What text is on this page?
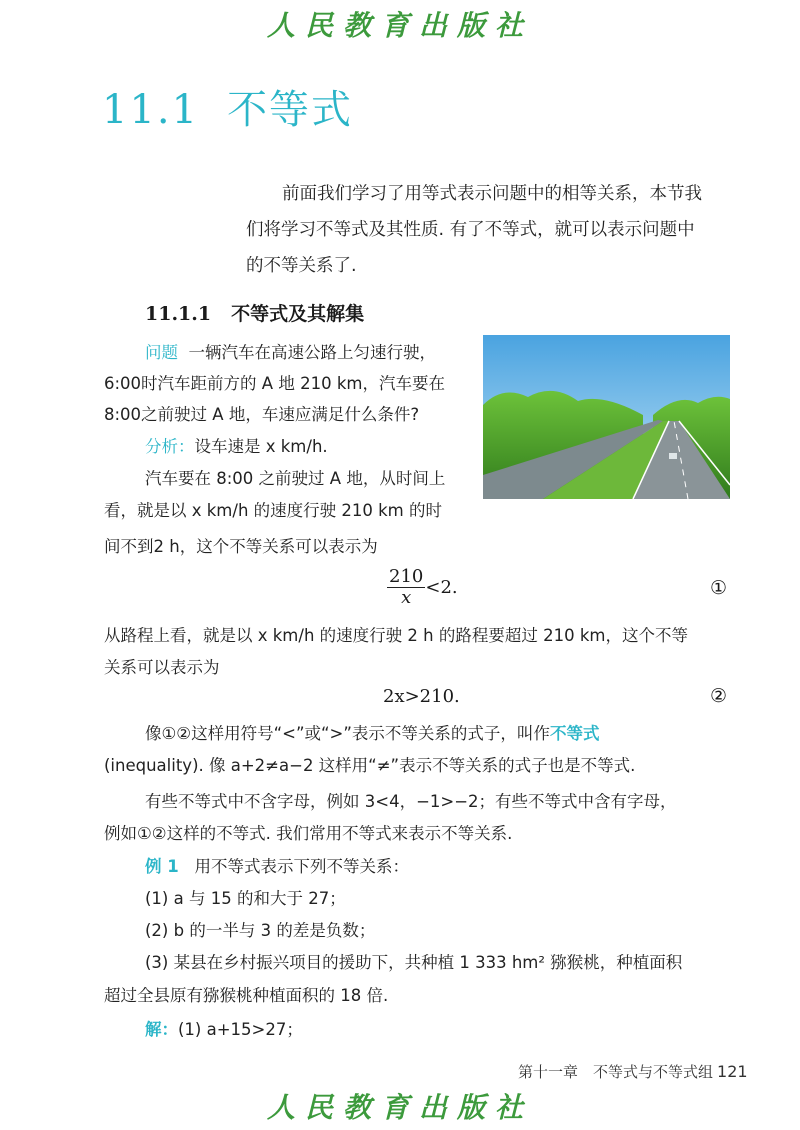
人民教育出版社
11.1 不等式
前面我们学习了用等式表示问题中的相等关系，本节我
们将学习不等式及其性质. 有了不等式，就可以表示问题中
的不等关系了.
11.1.1 不等式及其解集
问题 一辆汽车在高速公路上匀速行驶，
6:00时汽车距前方的 A 地 210 km，汽车要在
8:00之前驶过 A 地，车速应满足什么条件?
分析：设车速是 x km/h.
汽车要在 8:00 之前驶过 A 地，从时间上
看，就是以 x km/h 的速度行驶 210 km 的时
间不到2 h，这个不等关系可以表示为
$\frac{210}{x} <2$.	①
从路程上看，就是以 x km/h 的速度行驶 2 h 的路程要超过 210 km，这个不等
关系可以表示为
2x>210.	②
像①②这样用符号“<”或“>”表示不等关系的式子，叫作不等式
(inequality). 像 a+2≠a−2 这样用“≠”表示不等关系的式子也是不等式.
有些不等式中不含字母，例如 3<4，−1>−2；有些不等式中含有字母，
例如①②这样的不等式. 我们常用不等式来表示不等关系.
例 1 用不等式表示下列不等关系：
(1) a 与 15 的和大于 27；
(2) b 的一半与 3 的差是负数；
(3) 某县在乡村振兴项目的援助下，共种植 1 333 hm² 猕猴桃，种植面积
超过全县原有猕猴桃种植面积的 18 倍.
解：(1) a+15>27；
第十一章　不等式与不等式组 121
人民教育出版社
